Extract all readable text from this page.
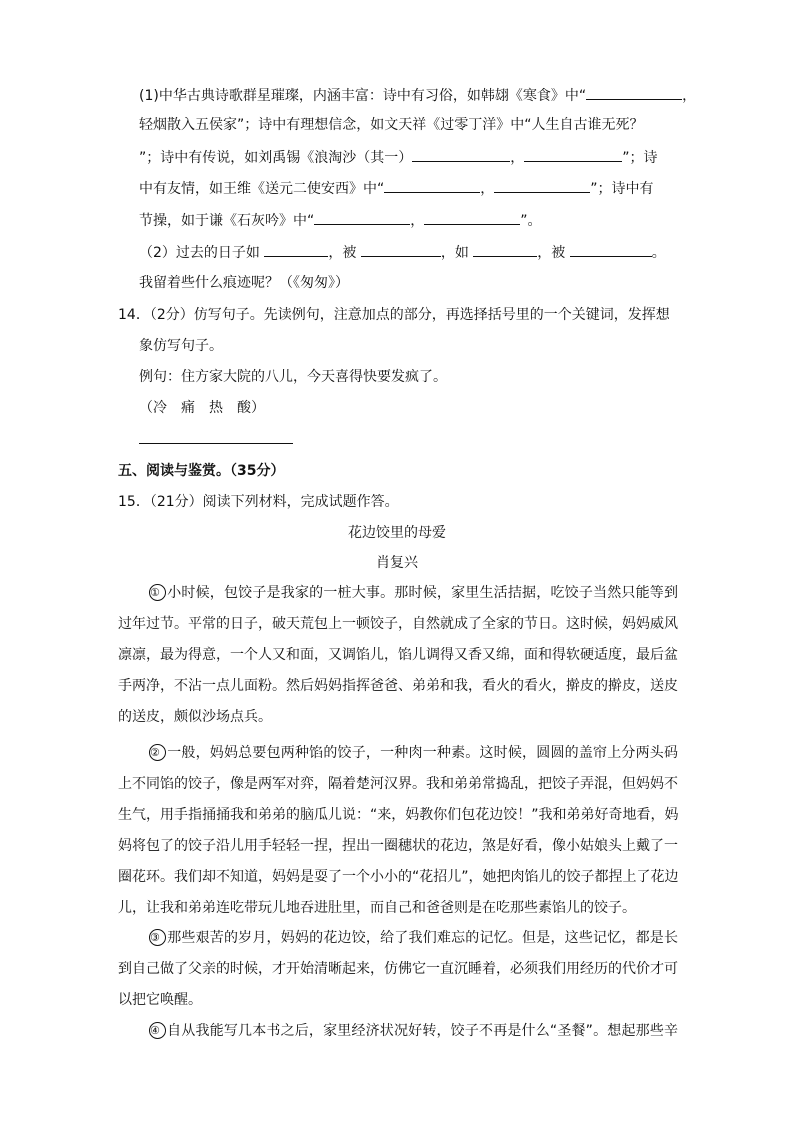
(1)中华古典诗歌群星璀璨，内涵丰富：诗中有习俗，如韩翃《寒食》中“	，
轻烟散入五侯家”；诗中有理想信念，如文天祥《过零丁洋》中“人生自古谁无死？
”；诗中有传说，如刘禹锡《浪淘沙（其一）	，	”；诗
中有友情，如王维《送元二使安西》中“	，	”；诗中有
节操，如于谦《石灰吟》中“	，	”。
（2）过去的日子如	，被	，如	，被	。
我留着些什么痕迹呢？（《匆匆》）
14．（2分）仿写句子。先读例句，注意加点的部分，再选择括号里的一个关键词，发挥想
象仿写句子。
例句：住方家大院的八儿，今天喜得快要发疯了。
（冷　痛　热　酸）
五、阅读与鉴赏。（35分）
15．（21分）阅读下列材料，完成试题作答。
花边饺里的母爱
肖复兴
① 小时候，包饺子是我家的一桩大事。那时候，家里生活拮据，吃饺子当然只能等到
过年过节。平常的日子，破天荒包上一顿饺子，自然就成了全家的节日。这时候，妈妈威风
凛凛，最为得意，一个人又和面，又调馅儿，馅儿调得又香又绵，面和得软硬适度，最后盆
手两净，不沾一点儿面粉。然后妈妈指挥爸爸、弟弟和我，看火的看火，擀皮的擀皮，送皮
的送皮，颇似沙场点兵。
② 一般，妈妈总要包两种馅的饺子，一种肉一种素。这时候，圆圆的盖帘上分两头码
上不同馅的饺子，像是两军对弈，隔着楚河汉界。我和弟弟常捣乱，把饺子弄混，但妈妈不
生气，用手指捅捅我和弟弟的脑瓜儿说：“来，妈教你们包花边饺！”我和弟弟好奇地看，妈
妈将包了的饺子沿儿用手轻轻一捏，捏出一圈穗状的花边，煞是好看，像小姑娘头上戴了一
圈花环。我们却不知道，妈妈是耍了一个小小的“花招儿”，她把肉馅儿的饺子都捏上了花边
儿，让我和弟弟连吃带玩儿地吞进肚里，而自己和爸爸则是在吃那些素馅儿的饺子。
③ 那些艰苦的岁月，妈妈的花边饺，给了我们难忘的记忆。但是，这些记忆，都是长
到自己做了父亲的时候，才开始清晰起来，仿佛它一直沉睡着，必须我们用经历的代价才可
以把它唤醒。
④ 自从我能写几本书之后，家里经济状况好转，饺子不再是什么“圣餐”。想起那些辛
